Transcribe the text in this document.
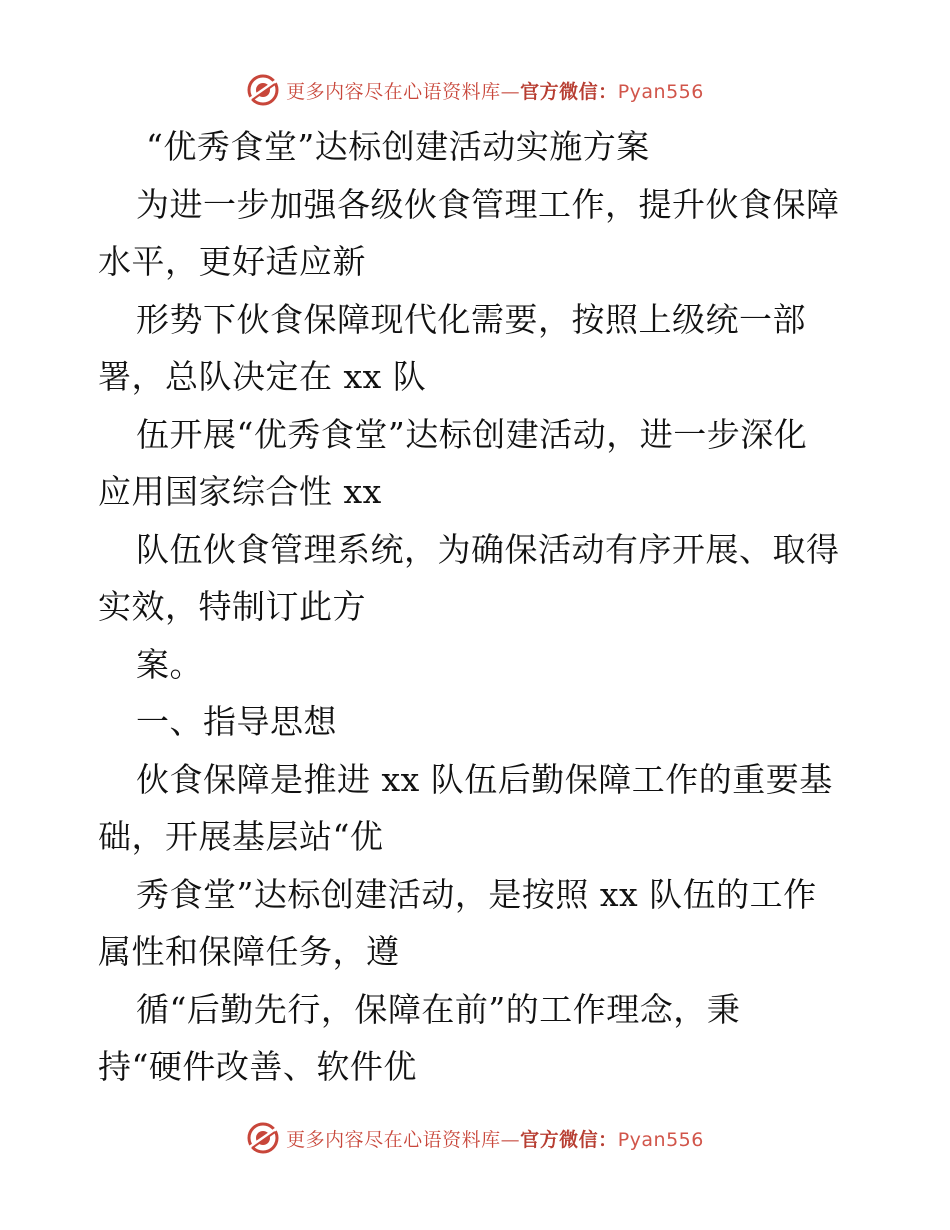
更多内容尽在心语资料库—官方微信：Pyan556
“优秀食堂”达标创建活动实施方案
为进一步加强各级伙食管理工作，提升伙食保障
水平，更好适应新
形势下伙食保障现代化需要，按照上级统一部
署，总队决定在 xx 队
伍开展“优秀食堂”达标创建活动，进一步深化
应用国家综合性 xx
队伍伙食管理系统，为确保活动有序开展、取得
实效，特制订此方
案。
一、指导思想
伙食保障是推进 xx 队伍后勤保障工作的重要基
础，开展基层站“优
秀食堂”达标创建活动，是按照 xx 队伍的工作
属性和保障任务，遵
循“后勤先行，保障在前”的工作理念，秉
持“硬件改善、软件优
更多内容尽在心语资料库—官方微信：Pyan556
